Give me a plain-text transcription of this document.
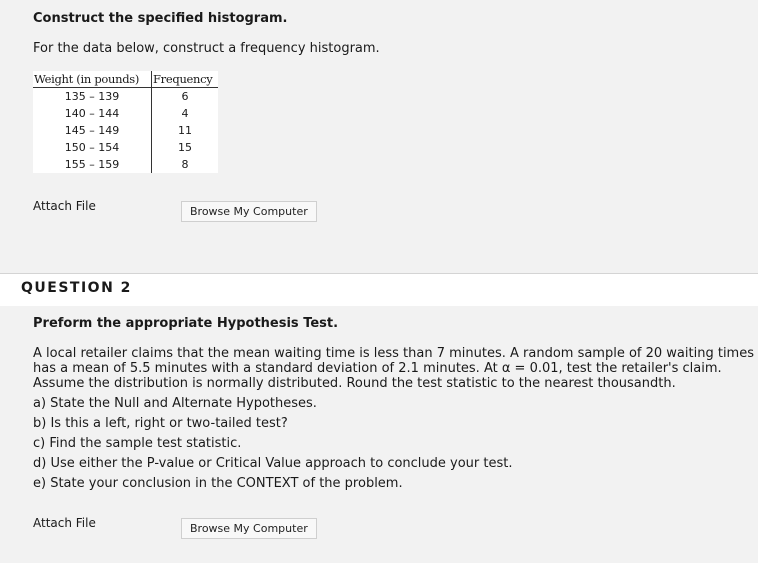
Construct the specified histogram.
For the data below, construct a frequency histogram.
Weight (in pounds)	Frequency
135 – 139	6
140 – 144	4
145 – 149	11
150 – 154	15
155 – 159	8
Attach File	Browse My Computer
QUESTION 2
Preform the appropriate Hypothesis Test.
A local retailer claims that the mean waiting time is less than 7 minutes. A random sample of 20 waiting times
has a mean of 5.5 minutes with a standard deviation of 2.1 minutes. At α = 0.01, test the retailer's claim.
Assume the distribution is normally distributed. Round the test statistic to the nearest thousandth.
a) State the Null and Alternate Hypotheses.
b) Is this a left, right or two-tailed test?
c) Find the sample test statistic.
d) Use either the P-value or Critical Value approach to conclude your test.
e) State your conclusion in the CONTEXT of the problem.
Attach File	Browse My Computer
